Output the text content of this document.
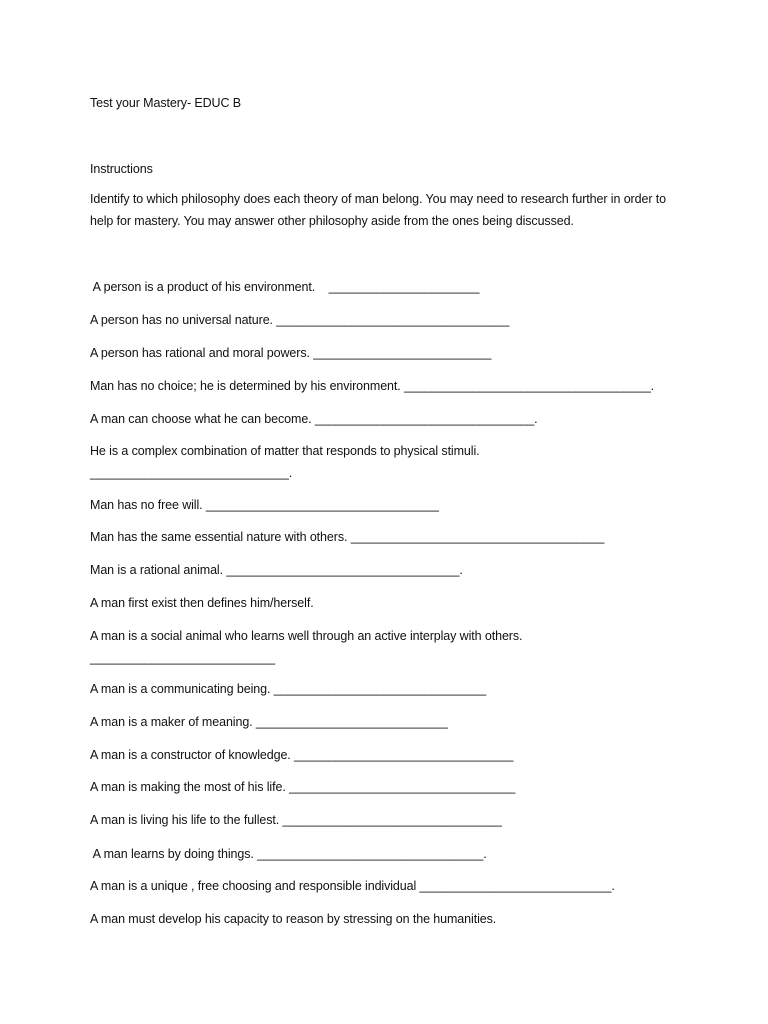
Test your Mastery- EDUC B
Instructions
Identify to which philosophy does each theory of man belong. You may need to research further in order to help for mastery. You may answer other philosophy aside from the ones being discussed.
A person is a product of his environment.    ______________________
A person has no universal nature. __________________________________
A person has rational and moral powers. __________________________
Man has no choice; he is determined by his environment. ____________________________________.
A man can choose what he can become. ________________________________.
He is a complex combination of matter that responds to physical stimuli.
_____________________________.
Man has no free will. __________________________________
Man has the same essential nature with others. _____________________________________
Man is a rational animal. __________________________________.
A man first exist then defines him/herself.
A man is a social animal who learns well through an active interplay with others.
___________________________
A man is a communicating being. _______________________________
A man is a maker of meaning. ____________________________
A man is a constructor of knowledge. ________________________________
A man is making the most of his life. _________________________________
A man is living his life to the fullest. ________________________________
A man learns by doing things. _________________________________.
A man is a unique , free choosing and responsible individual ____________________________.
A man must develop his capacity to reason by stressing on the humanities.
